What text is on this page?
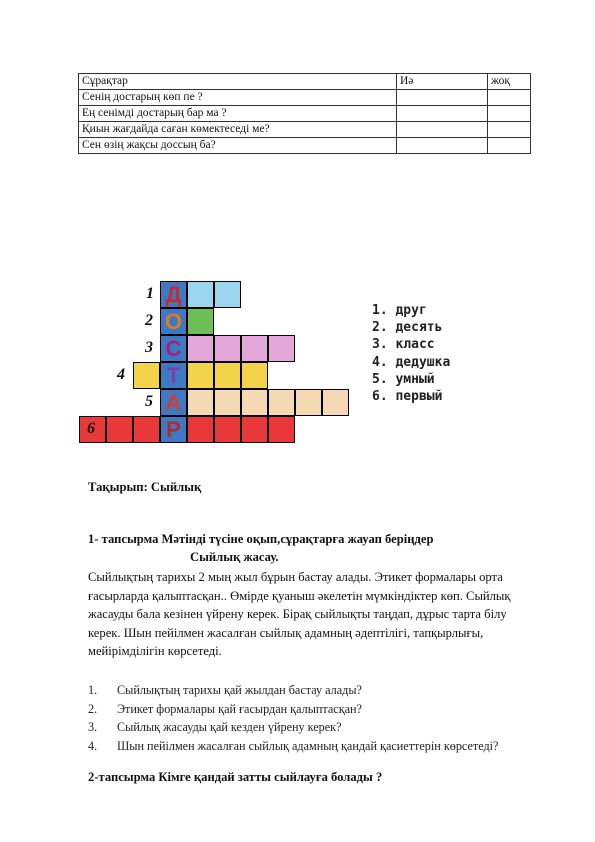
Сұрақтар	Иә	жоқ
Сенің достарың көп пе ?		
Ең сенімді достарың бар ма ?		
Қиын жағдайда саған көмектеседі ме?		
Сен өзің жақсы доссың ба?		
Д
1
О
2
С
3
Т
4
А
5
Р
6
1. друг
2. десять
3. класс
4. дедушка
5. умный
6. первый
Тақырып: Сыйлық
1- тапсырма Мәтінді түсіне оқып,сұрақтарға жауап беріңдер
Сыйлық жасау.
Сыйлықтың тарихы 2 мың жыл бұрын бастау алады. Этикет формалары орта
ғасырларда қалыптасқан.. Өмірде қуаныш әкелетін мүмкіндіктер көп. Сыйлық
жасауды бала кезінен үйрену керек. Бірақ сыйлықты таңдап, дұрыс тарта білу
керек. Шын пейілмен жасалған сыйлық адамның әдептілігі, тапқырлығы,
мейірімділігін көрсетеді.
1. Сыйлықтың тарихы қай жылдан бастау алады?
2. Этикет формалары қай ғасырдан қалыптасқан?
3. Сыйлық жасауды қай кезден үйрену керек?
4. Шын пейілмен жасалған сыйлық адамның қандай қасиеттерін көрсетеді?
2-тапсырма Кімге қандай затты сыйлауға болады ?
